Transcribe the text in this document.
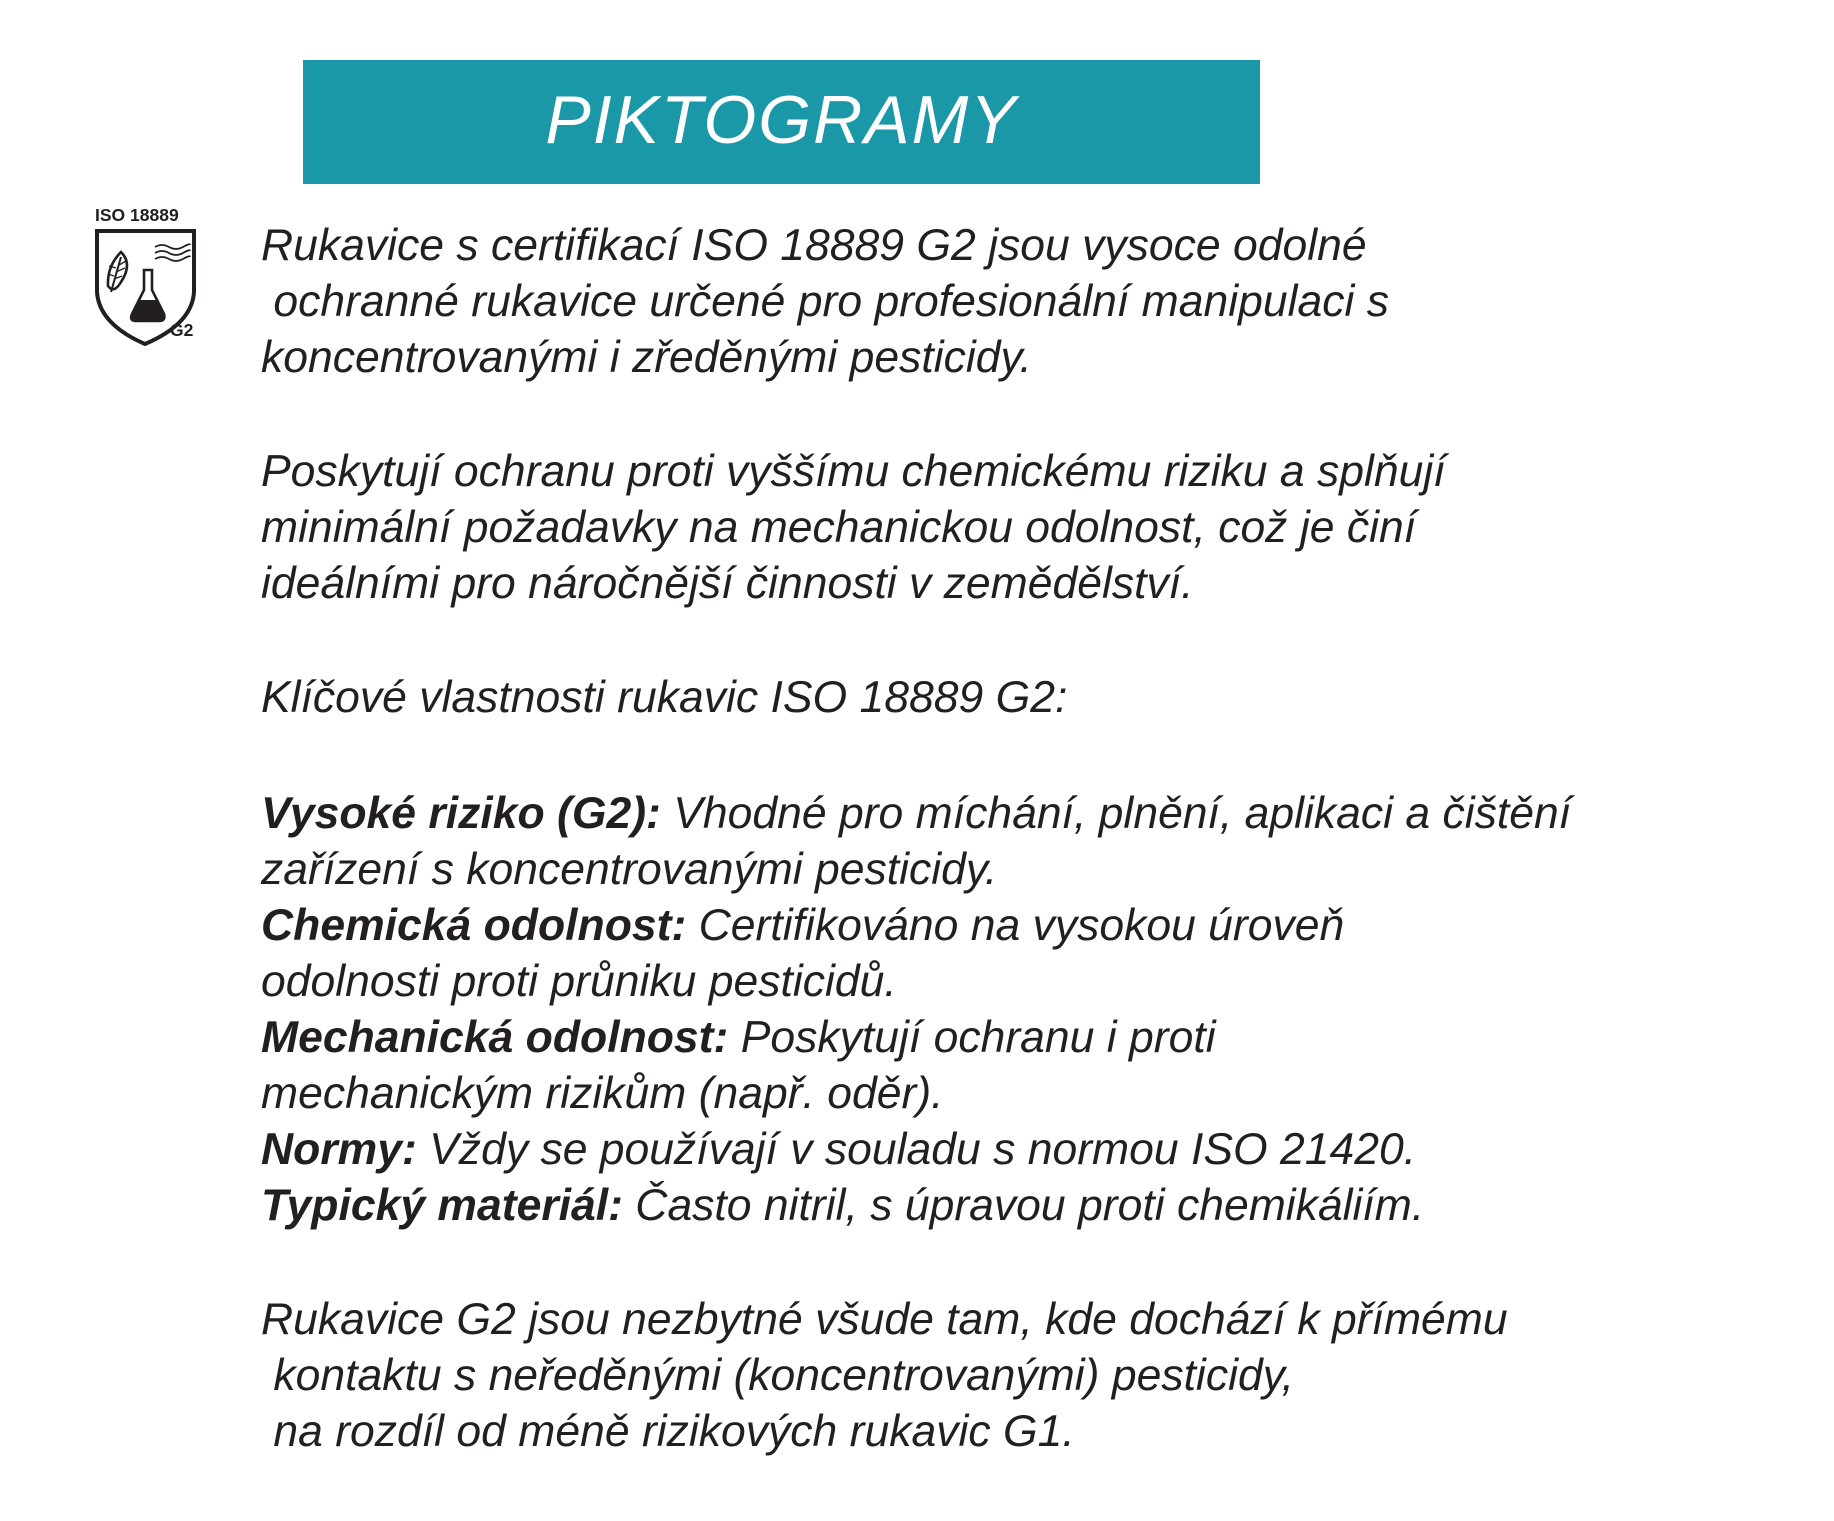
PIKTOGRAMY
ISO 18889
G2
Rukavice s certifikací ISO 18889 G2 jsou vysoce odolné
ochranné rukavice určené pro profesionální manipulaci s
koncentrovanými i zředěnými pesticidy.
Poskytují ochranu proti vyššímu chemickému riziku a splňují
minimální požadavky na mechanickou odolnost, což je činí
ideálními pro náročnější činnosti v zemědělství.
Klíčové vlastnosti rukavic ISO 18889 G2:
Vysoké riziko (G2): Vhodné pro míchání, plnění, aplikaci a čištění
zařízení s koncentrovanými pesticidy.
Chemická odolnost: Certifikováno na vysokou úroveň
odolnosti proti průniku pesticidů.
Mechanická odolnost: Poskytují ochranu i proti
mechanickým rizikům (např. oděr).
Normy: Vždy se používají v souladu s normou ISO 21420.
Typický materiál: Často nitril, s úpravou proti chemikáliím.
Rukavice G2 jsou nezbytné všude tam, kde dochází k přímému
kontaktu s neředěnými (koncentrovanými) pesticidy,
na rozdíl od méně rizikových rukavic G1.
